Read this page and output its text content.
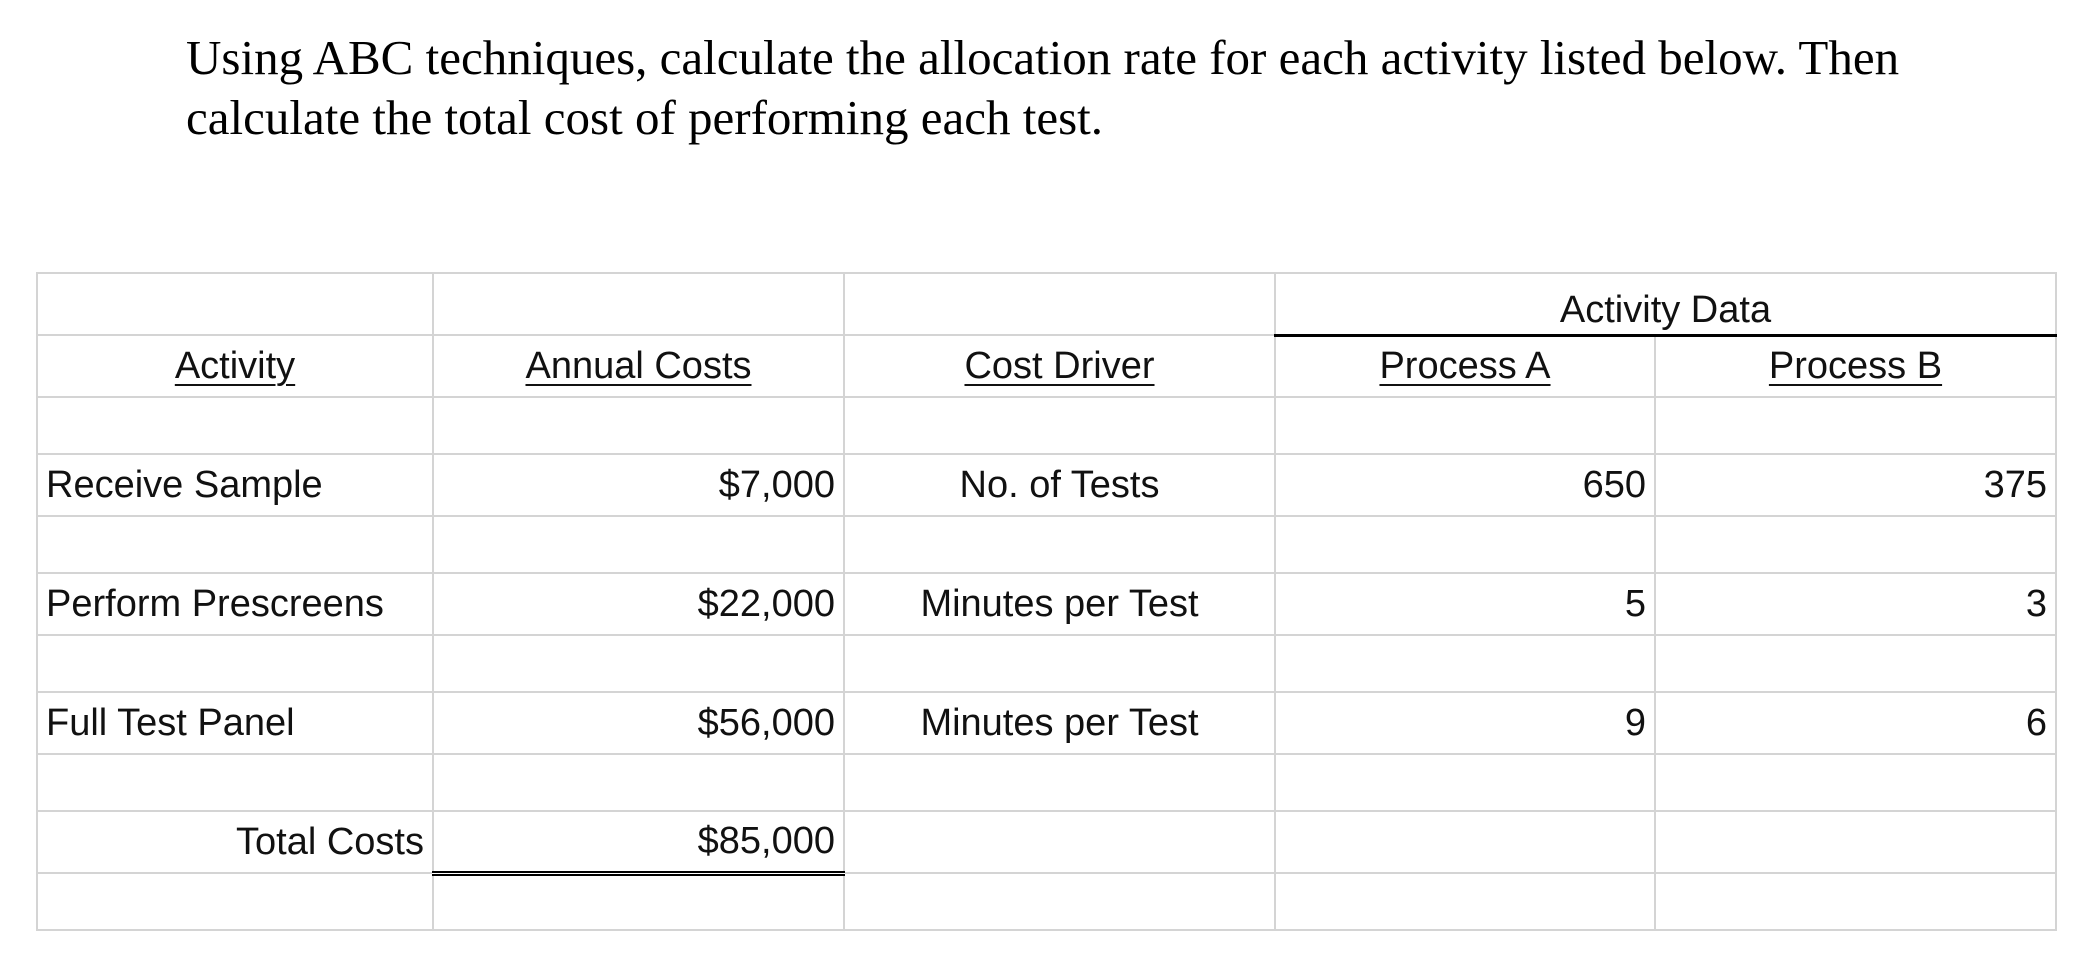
Using ABC techniques, calculate the allocation rate for each activity listed below. Then
calculate the total cost of performing each test.
			Activity Data	
Activity	Annual Costs	Cost Driver	Process A	Process B

Receive Sample	$7,000	No. of Tests	650	375

Perform Prescreens	$22,000	Minutes per Test	5	3

Full Test Panel	$56,000	Minutes per Test	9	6

Total Costs	$85,000			
